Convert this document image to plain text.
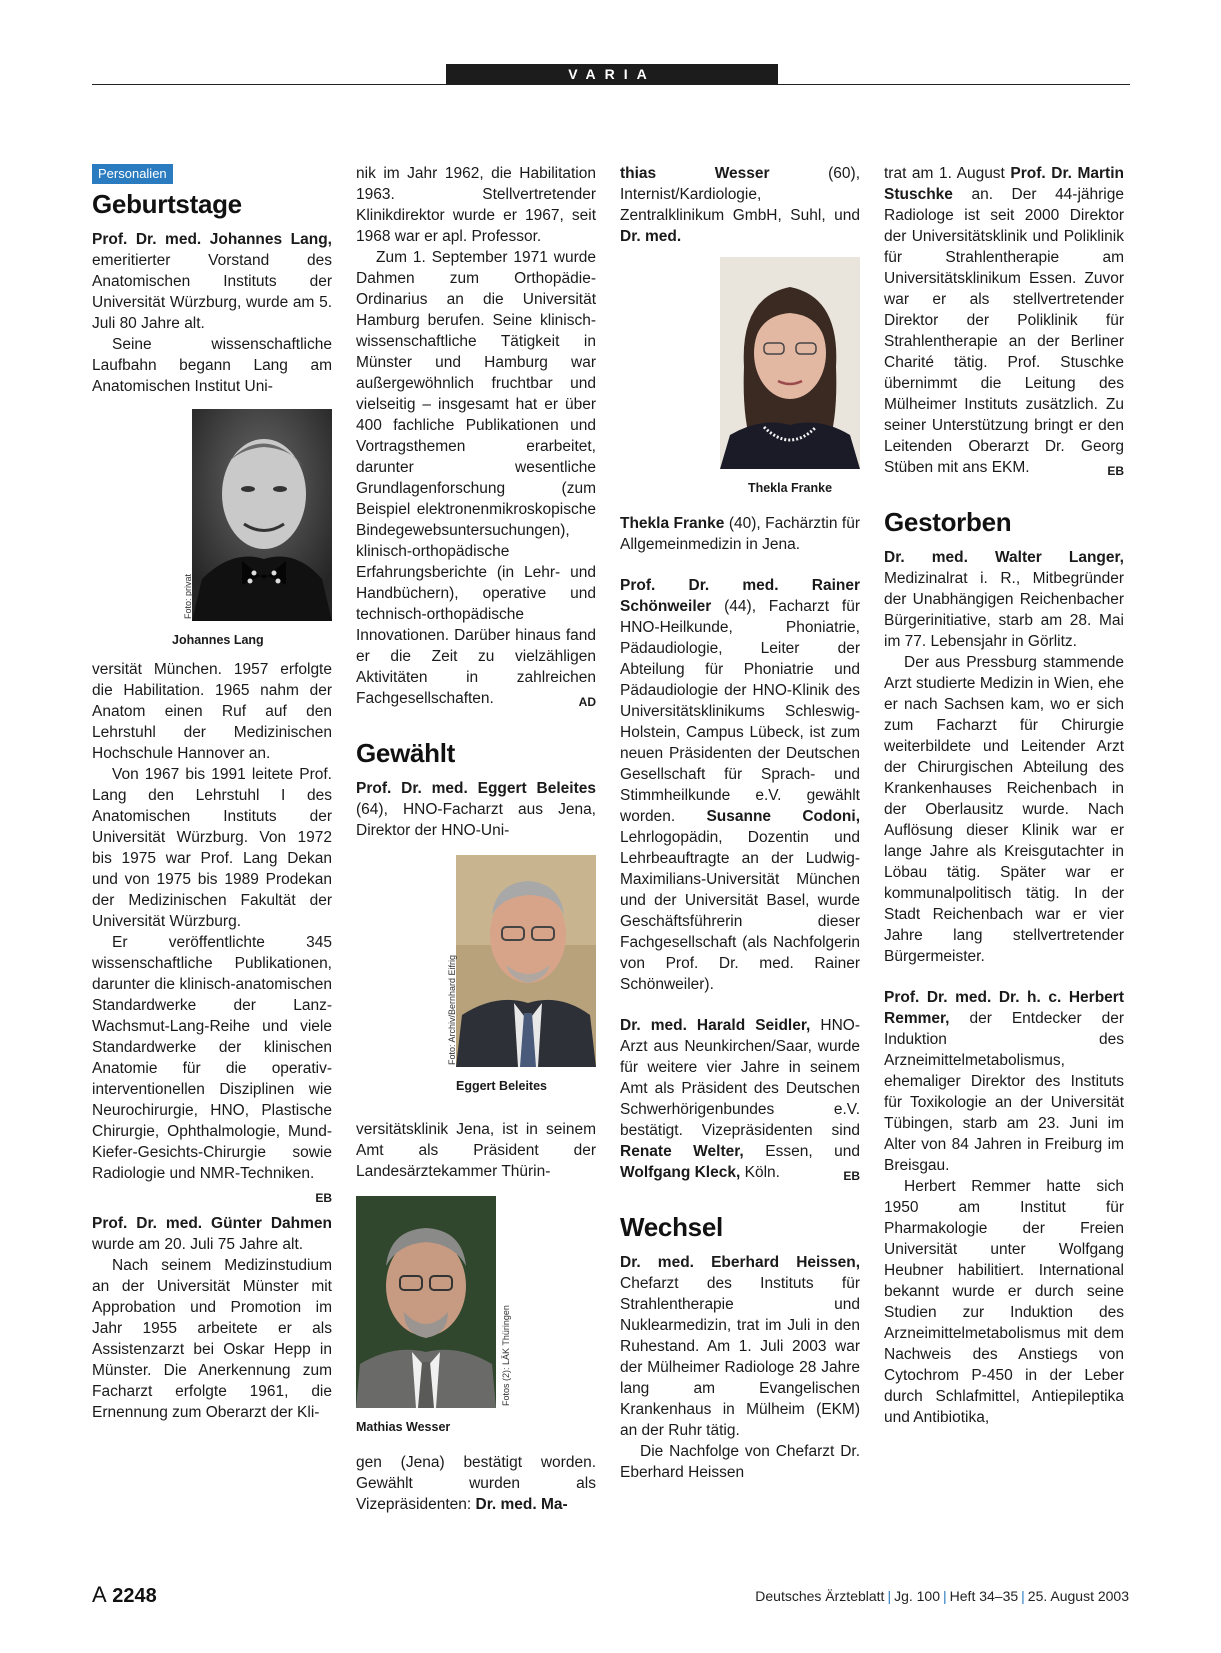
VARIA
Personalien
Geburtstage

Prof. Dr. med. Johannes Lang, emeritierter Vorstand des Anatomischen Instituts der Universität Würzburg, wurde am 5. Juli 80 Jahre alt.

Seine wissenschaftliche Laufbahn begann Lang am Anatomischen Institut Uni-

Foto: privat
Johannes Lang

versität München. 1957 erfolgte die Habilitation. 1965 nahm der Anatom einen Ruf auf den Lehrstuhl der Medizinischen Hochschule Hannover an.

Von 1967 bis 1991 leitete Prof. Lang den Lehrstuhl I des Anatomischen Instituts der Universität Würzburg. Von 1972 bis 1975 war Prof. Lang Dekan und von 1975 bis 1989 Prodekan der Medizinischen Fakultät der Universität Würzburg.

Er veröffentlichte 345 wissenschaftliche Publikationen, darunter die klinisch-anatomischen Standardwerke der Lanz-Wachsmut-Lang-Reihe und viele Standardwerke der klinischen Anatomie für die operativ-interventionellen Disziplinen wie Neurochirurgie, HNO, Plastische Chirurgie, Ophthalmologie, Mund-Kiefer-Gesichts-Chirurgie sowie Radiologie und NMR-Techniken.
EB

Prof. Dr. med. Günter Dahmen wurde am 20. Juli 75 Jahre alt.

Nach seinem Medizinstudium an der Universität Münster mit Approbation und Promotion im Jahr 1955 arbeitete er als Assistenzarzt bei Oskar Hepp in Münster. Die Anerkennung zum Facharzt erfolgte 1961, die Ernennung zum Oberarzt der Kli-

nik im Jahr 1962, die Habilitation 1963. Stellvertretender Klinikdirektor wurde er 1967, seit 1968 war er apl. Professor.

Zum 1. September 1971 wurde Dahmen zum Orthopädie-Ordinarius an die Universität Hamburg berufen. Seine klinisch-wissenschaftliche Tätigkeit in Münster und Hamburg war außergewöhnlich fruchtbar und vielseitig – insgesamt hat er über 400 fachliche Publikationen und Vortragsthemen erarbeitet, darunter wesentliche Grundlagenforschung (zum Beispiel elektronenmikroskopische Bindegewebsuntersuchungen), klinisch-orthopädische Erfahrungsberichte (in Lehr- und Handbüchern), operative und technisch-orthopädische Innovationen. Darüber hinaus fand er die Zeit zu vielzähligen Aktivitäten in zahlreichen Fachgesellschaften.	AD

Gewählt

Prof. Dr. med. Eggert Beleites (64), HNO-Facharzt aus Jena, Direktor der HNO-Uni-

Foto: Archiv/Bernhard Eifrig
Eggert Beleites

versitätsklinik Jena, ist in seinem Amt als Präsident der Landesärztekammer Thürin-

Fotos (2): LÄK Thüringen
Mathias Wesser

gen (Jena) bestätigt worden. Gewählt wurden als Vizepräsidenten: Dr. med. Ma-

thias Wesser	(60), Internist/Kardiologie, Zentralklinikum GmbH, Suhl, und Dr. med.

Thekla Franke

Thekla Franke (40), Fachärztin für Allgemeinmedizin in Jena.

Prof. Dr. med. Rainer Schönweiler (44), Facharzt für HNO-Heilkunde, Phoniatrie, Pädaudiologie, Leiter der Abteilung für Phoniatrie und Pädaudiologie der HNO-Klinik des Universitätsklinikums Schleswig-Holstein, Campus Lübeck, ist zum neuen Präsidenten der Deutschen Gesellschaft für Sprach- und Stimmheilkunde e.V. gewählt worden. Susanne Codoni, Lehrlogopädin, Dozentin und Lehrbeauftragte an der Ludwig-Maximilians-Universität München und der Universität Basel, wurde Geschäftsführerin dieser Fachgesellschaft (als Nachfolgerin von Prof. Dr. med. Rainer Schönweiler).

Dr. med. Harald Seidler, HNO-Arzt aus Neunkirchen/Saar, wurde für weitere vier Jahre in seinem Amt als Präsident des Deutschen Schwerhörigenbundes e.V. bestätigt. Vizepräsidenten sind Renate Welter, Essen, und Wolfgang Kleck, Köln.	EB

Wechsel

Dr. med. Eberhard Heissen, Chefarzt des Instituts für Strahlentherapie und Nuklearmedizin, trat im Juli in den Ruhestand. Am 1. Juli 2003 war der Mülheimer Radiologe 28 Jahre lang am Evangelischen Krankenhaus in Mülheim (EKM) an der Ruhr tätig.

Die Nachfolge von Chefarzt Dr. Eberhard Heissen

trat am 1. August Prof. Dr. Martin Stuschke an. Der 44-jährige Radiologe ist seit 2000 Direktor der Universitätsklinik und Poliklinik für Strahlentherapie am Universitätsklinikum Essen. Zuvor war er als stellvertretender Direktor der Poliklinik für Strahlentherapie an der Berliner Charité tätig. Prof. Stuschke übernimmt die Leitung des Mülheimer Instituts zusätzlich. Zu seiner Unterstützung bringt er den Leitenden Oberarzt Dr. Georg Stüben mit ans EKM.	EB

Gestorben

Dr. med. Walter Langer, Medizinalrat i. R., Mitbegründer der Unabhängigen Reichenbacher Bürgerinitiative, starb am 28. Mai im 77. Lebensjahr in Görlitz.

Der aus Pressburg stammende Arzt studierte Medizin in Wien, ehe er nach Sachsen kam, wo er sich zum Facharzt für Chirurgie weiterbildete und Leitender Arzt der Chirurgischen Abteilung des Krankenhauses Reichenbach in der Oberlausitz wurde. Nach Auflösung dieser Klinik war er lange Jahre als Kreisgutachter in Löbau tätig. Später war er kommunalpolitisch tätig. In der Stadt Reichenbach war er vier Jahre lang stellvertretender Bürgermeister.

Prof. Dr. med. Dr. h. c. Herbert Remmer, der Entdecker der Induktion des Arzneimittelmetabolismus, ehemaliger Direktor des Instituts für Toxikologie an der Universität Tübingen, starb am 23. Juni im Alter von 84 Jahren in Freiburg im Breisgau.

Herbert Remmer hatte sich 1950 am Institut für Pharmakologie der Freien Universität unter Wolfgang Heubner habilitiert. International bekannt wurde er durch seine Studien zur Induktion des Arzneimittelmetabolismus mit dem Nachweis des Anstiegs von Cytochrom P-450 in der Leber durch Schlafmittel, Antiepileptika und Antibiotika,

A 2248	Deutsches Ärzteblatt | Jg. 100 | Heft 34–35 | 25. August 2003
